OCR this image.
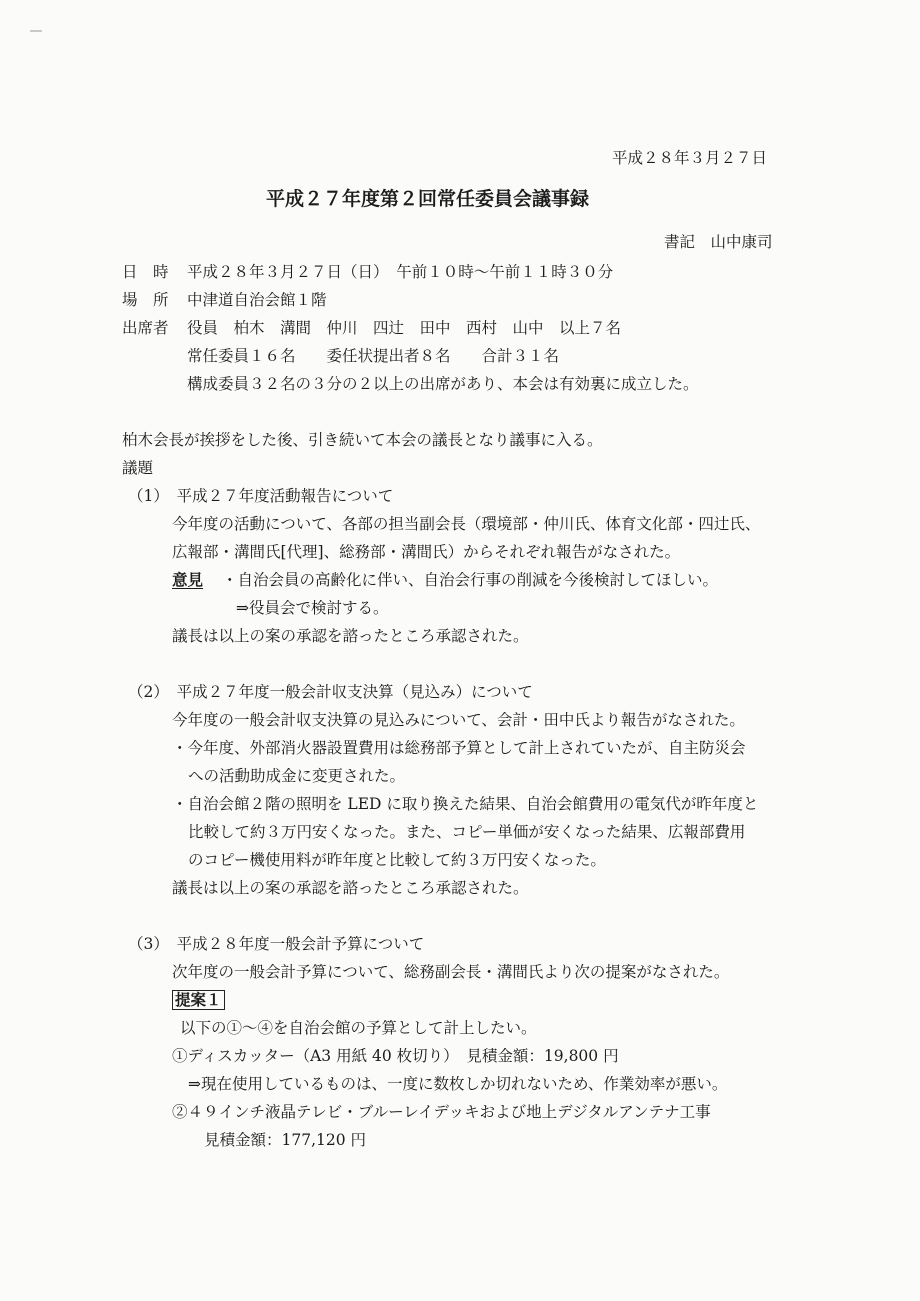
平成２８年３月２７日
平成２７年度第２回常任委員会議事録
書記　山中康司
日　時 平成２８年３月２７日（日）　午前１０時〜午前１１時３０分
場　所 中津道自治会館１階
出席者 役員　柏木　溝間　仲川　四辻　田中　西村　山中　以上７名
常任委員１６名　　委任状提出者８名　　合計３１名
構成委員３２名の３分の２以上の出席があり、本会は有効裏に成立した。
柏木会長が挨拶をした後、引き続いて本会の議長となり議事に入る。
議題
（1）　平成２７年度活動報告について
今年度の活動について、各部の担当副会長（環境部・仲川氏、体育文化部・四辻氏、
広報部・溝間氏[代理]、総務部・溝間氏）からそれぞれ報告がなされた。
意見 ・自治会員の高齢化に伴い、自治会行事の削減を今後検討してほしい。
⇒役員会で検討する。
議長は以上の案の承認を諮ったところ承認された。
（2）　平成２７年度一般会計収支決算（見込み）について
今年度の一般会計収支決算の見込みについて、会計・田中氏より報告がなされた。
・今年度、外部消火器設置費用は総務部予算として計上されていたが、自主防災会
への活動助成金に変更された。
・自治会館２階の照明を LED に取り換えた結果、自治会館費用の電気代が昨年度と
比較して約３万円安くなった。また、コピー単価が安くなった結果、広報部費用
のコピー機使用料が昨年度と比較して約３万円安くなった。
議長は以上の案の承認を諮ったところ承認された。
（3）　平成２８年度一般会計予算について
次年度の一般会計予算について、総務副会長・溝間氏より次の提案がなされた。
提案１
以下の①〜④を自治会館の予算として計上したい。
①ディスカッター（A3 用紙 40 枚切り）　見積金額：19,800 円
⇒現在使用しているものは、一度に数枚しか切れないため、作業効率が悪い。
②４９インチ液晶テレビ・ブルーレイデッキおよび地上デジタルアンテナ工事
見積金額：177,120 円
